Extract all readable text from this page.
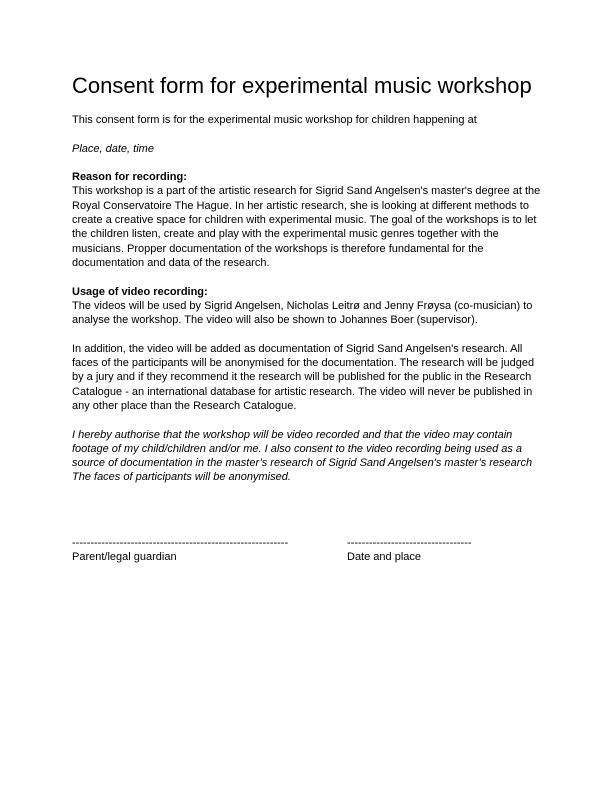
Consent form for experimental music workshop

This consent form is for the experimental music workshop for children happening at

Place, date, time

Reason for recording:

This workshop is a part of the artistic research for Sigrid Sand Angelsen's master's degree at the Royal Conservatoire The Hague. In her artistic research, she is looking at different methods to create a creative space for children with experimental music. The goal of the workshops is to let the children listen, create and play with the experimental music genres together with the musicians. Propper documentation of the workshops is therefore fundamental for the documentation and data of the research.

Usage of video recording:

The videos will be used by Sigrid Angelsen, Nicholas Leitrø and Jenny Frøysa (co-musician) to analyse the workshop. The video will also be shown to Johannes Boer (supervisor).

In addition, the video will be added as documentation of Sigrid Sand Angelsen's research. All faces of the participants will be anonymised for the documentation. The research will be judged by a jury and if they recommend it the research will be published for the public in the Research Catalogue - an international database for artistic research. The video will never be published in any other place than the Research Catalogue.

I hereby authorise that the workshop will be video recorded and that the video may contain footage of my child/children and/or me. I also consent to the video recording being used as a source of documentation in the master’s research of Sigrid Sand Angelsen's master’s research The faces of participants will be anonymised.

-----------------------------------------------------------	----------------------------------
Parent/legal guardian	Date and place
